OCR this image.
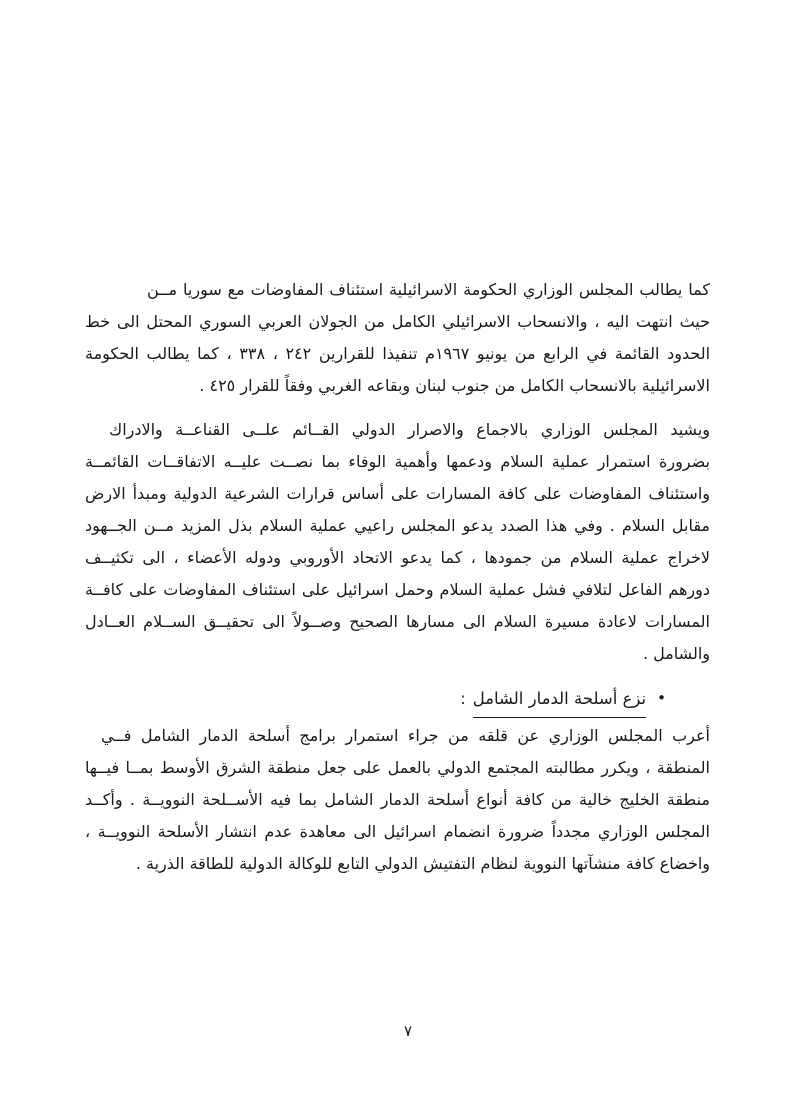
كما يطالب المجلس الوزاري الحكومة الاسرائيلية استئناف المفاوضات مع سوريا مــن
حيث انتهت اليه ، والانسحاب الاسرائيلي الكامل من الجولان العربي السوري المحتل الى خط
الحدود القائمة في الرابع من يونيو ١٩٦٧م تنفيذا للقرارين ٢٤٢ ، ٣٣٨ ، كما يطالب الحكومة
الاسرائيلية بالانسحاب الكامل من جنوب لبنان وبقاعه الغربي وفقاً للقرار ٤٢٥ .
ويشيد المجلس الوزاري بالاجماع والاصرار الدولي القــائم علــى القناعــة والادراك
بضرورة استمرار عملية السلام ودعمها وأهمية الوفاء بما نصــت عليــه الاتفاقــات القائمــة
واستئناف المفاوضات على كافة المسارات على أساس قرارات الشرعية الدولية ومبدأ الارض
مقابل السلام . وفي هذا الصدد يدعو المجلس راعيي عملية السلام بذل المزيد مــن الجــهود
لاخراج عملية السلام من جمودها ، كما يدعو الاتحاد الأوروبي ودوله الأعضاء ، الى تكثيــف
دورهم الفاعل لتلافي فشل عملية السلام وحمل اسرائيل على استئناف المفاوضات على كافــة
المسارات لاعادة مسيرة السلام الى مسارها الصحيح وصــولاً الى تحقيــق الســلام العــادل
والشامل .
•نزع أسلحة الدمار الشامل:
أعرب المجلس الوزاري عن قلقه من جراء استمرار برامج أسلحة الدمار الشامل فــي
المنطقة ، ويكرر مطالبته المجتمع الدولي بالعمل على جعل منطقة الشرق الأوسط بمــا فيــها
منطقة الخليج خالية من كافة أنواع أسلحة الدمار الشامل بما فيه الأســلحة النوويــة . وأكــد
المجلس الوزاري مجدداً ضرورة انضمام اسرائيل الى معاهدة عدم انتشار الأسلحة النوويــة ،
واخضاع كافة منشآتها النووية لنظام التفتيش الدولي التابع للوكالة الدولية للطاقة الذرية .
٧
